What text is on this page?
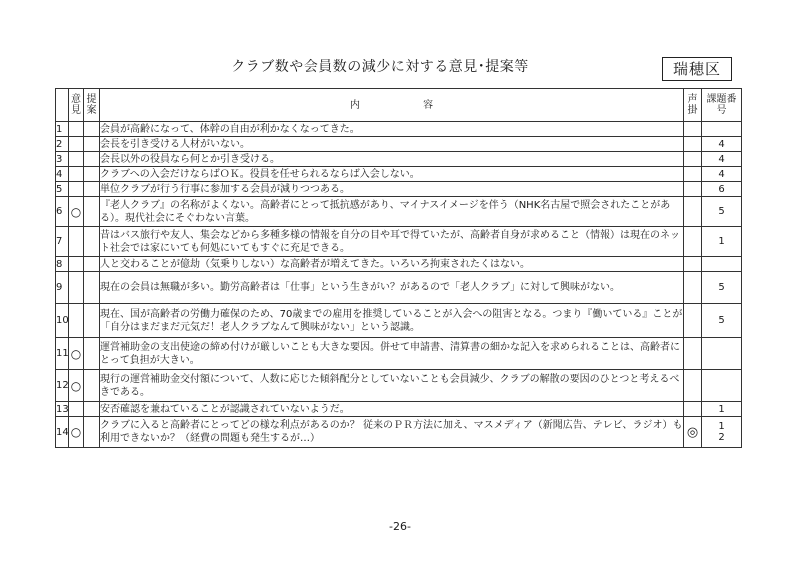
クラブ数や会員数の減少に対する意見･提案等	瑞穂区
	意見	提案	内 容	声掛	課題番号
1			会員が高齢になって、体幹の自由が利かなくなってきた。		
2			会長を引き受ける人材がいない。		4
3			会長以外の役員なら何とか引き受ける。		4
4			クラブへの入会だけならばＯＫ。役員を任せられるならば入会しない。		4
5			単位クラブが行う行事に参加する会員が減りつつある。		6
6	○		『老人クラブ』の名称がよくない。高齢者にとって抵抗感があり、マイナスイメージを伴う（NHK名古屋で照会されたことがある）。現代社会にそぐわない言葉。		5
7			昔はバス旅行や友人、集会などから多種多様の情報を自分の目や耳で得ていたが、高齢者自身が求めること（情報）は現在のネット社会では家にいても何処にいてもすぐに充足できる。		1
8			人と交わることが億劫（気乗りしない）な高齢者が増えてきた。いろいろ拘束されたくはない。		
9			現在の会員は無職が多い。勤労高齢者は「仕事」という生きがい？があるので「老人クラブ」に対して興味がない。		5
10			現在、国が高齢者の労働力確保のため、70歳までの雇用を推奨していることが入会への阻害となる。つまり『働いている』ことが「自分はまだまだ元気だ！老人クラブなんて興味がない」という認識。		5
11	○		運営補助金の支出使途の締め付けが厳しいことも大きな要因。併せて申請書、清算書の細かな記入を求められることは、高齢者にとって負担が大きい。		
12	○		現行の運営補助金交付額について、人数に応じた傾斜配分としていないことも会員減少、クラブの解散の要因のひとつと考えるべきである。		
13			安否確認を兼ねていることが認識されていないようだ。		1
14	○		クラブに入ると高齢者にとってどの様な利点があるのか？ 従来のＰＲ方法に加え、マスメディア（新聞広告、テレビ、ラジオ）も利用できないか？（経費の問題も発生するが…）	◎	1
2
-26-
